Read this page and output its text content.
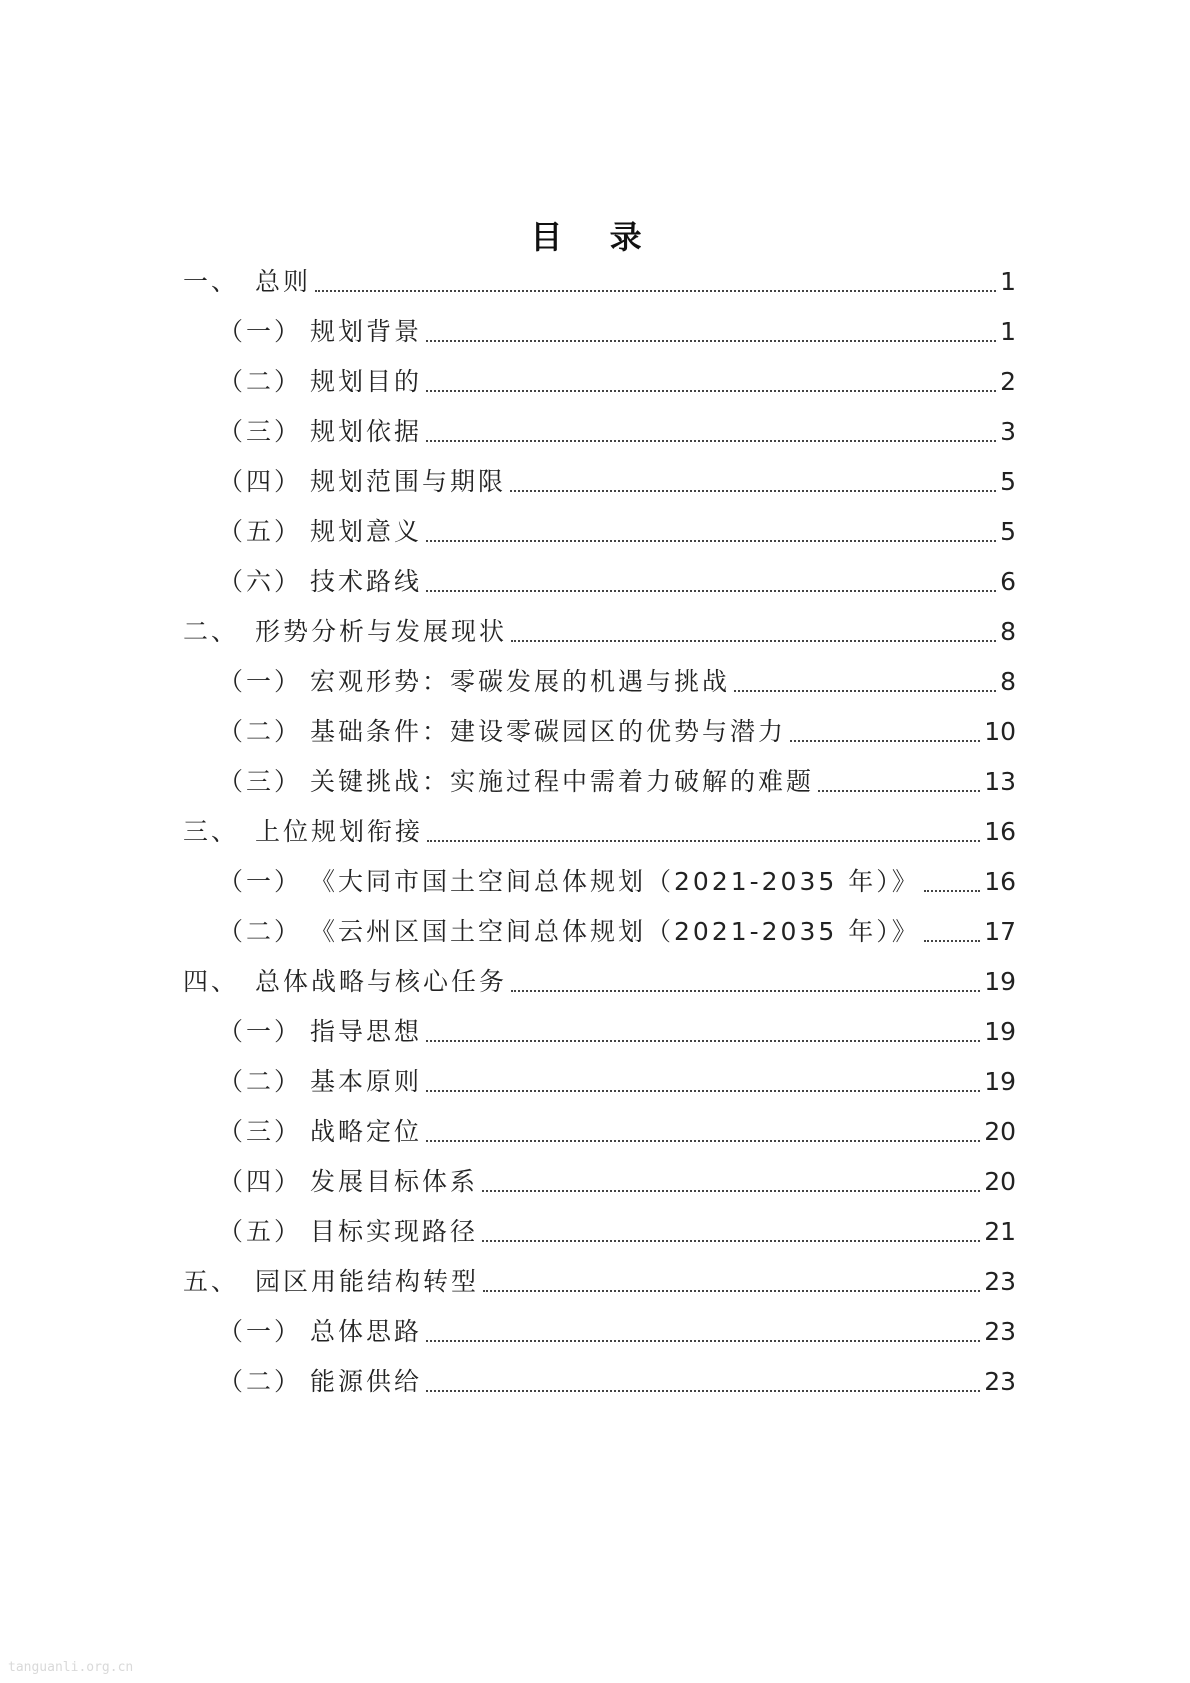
目 录
一、 总则	1
（一） 规划背景	1
（二） 规划目的	2
（三） 规划依据	3
（四） 规划范围与期限	5
（五） 规划意义	5
（六） 技术路线	6
二、 形势分析与发展现状	8
（一） 宏观形势：零碳发展的机遇与挑战	8
（二） 基础条件：建设零碳园区的优势与潜力	10
（三） 关键挑战：实施过程中需着力破解的难题	13
三、 上位规划衔接	16
（一） 《大同市国土空间总体规划（2021-2035 年）》	16
（二） 《云州区国土空间总体规划（2021-2035 年）》	17
四、 总体战略与核心任务	19
（一） 指导思想	19
（二） 基本原则	19
（三） 战略定位	20
（四） 发展目标体系	20
（五） 目标实现路径	21
五、 园区用能结构转型	23
（一） 总体思路	23
（二） 能源供给	23
tanguanli.org.cn
